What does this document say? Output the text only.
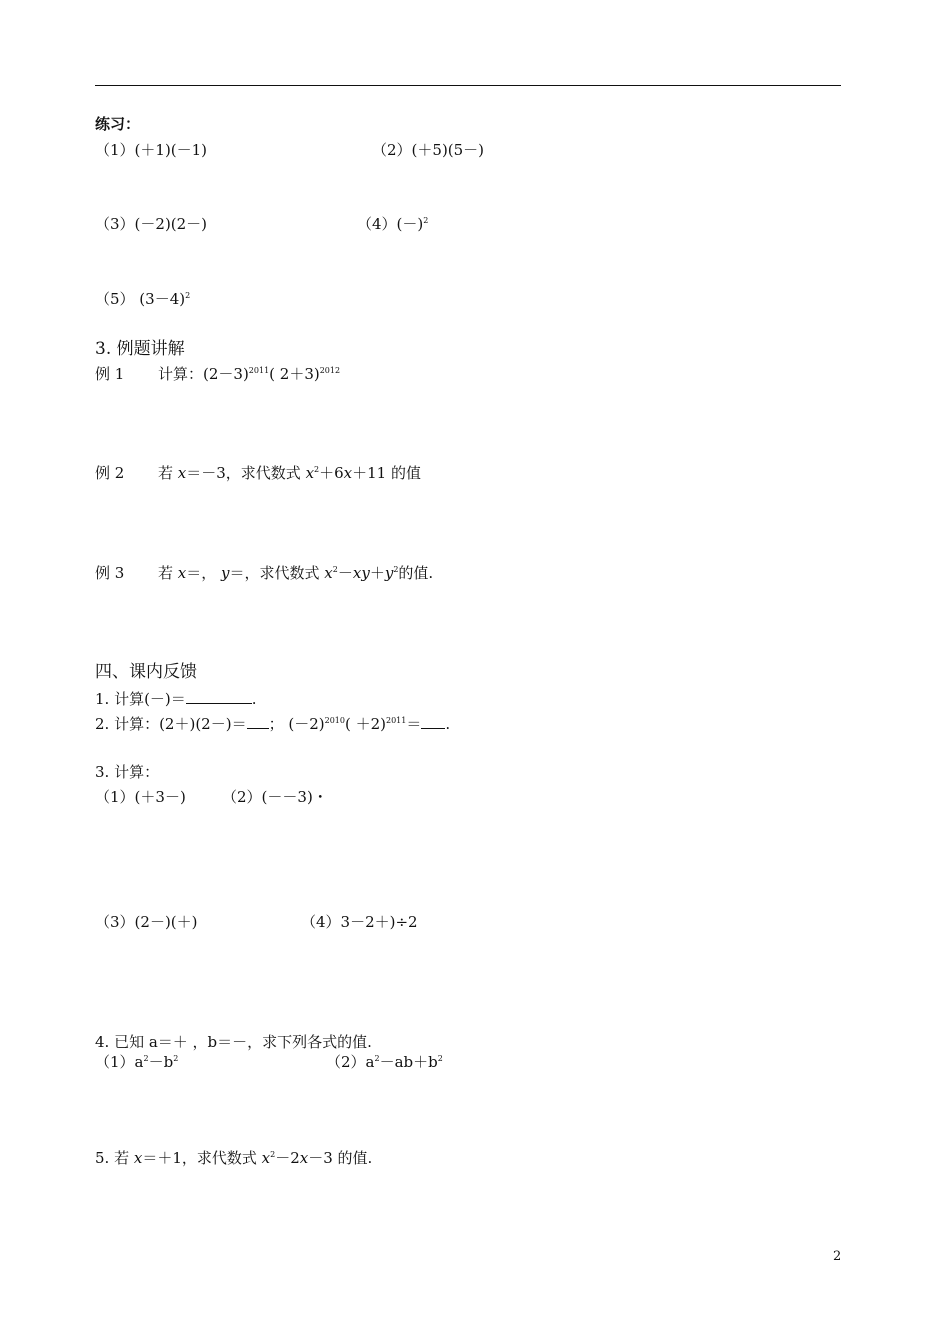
练习：
（1）(＋1)(－1)	（2）(＋5)(5－)
（3）(－2)(2－)	$(4)(-)^2$
（5） $(3-4)^2$
3. 例题讲解
例 1 计算：$(2-3)^{2011}$( 2＋3)$^{2012}$
例 2 若 x＝－3，求代数式 $x^2+6x+11$ 的值
例 3 若 x＝， y＝，求代数式 $x^2-xy+y^2$的值.
四、课内反馈
1. 计算(－)＝	.
2. 计算：(2＋)(2－)＝ ； $(-2)^{2010}( +2)^{2011}=$ .
3. 计算：
（1）(＋3－) （2）(－－3)・
（3）(2－)(＋)	（4）3－2＋)÷2
4. 已知 a＝＋ ，b＝－，求下列各式的值.
$(1)a^2-b^2$	$(2)a^2-ab+b^2$
5. 若 x＝＋1，求代数式 $x^2-2x-3$ 的值.
2
